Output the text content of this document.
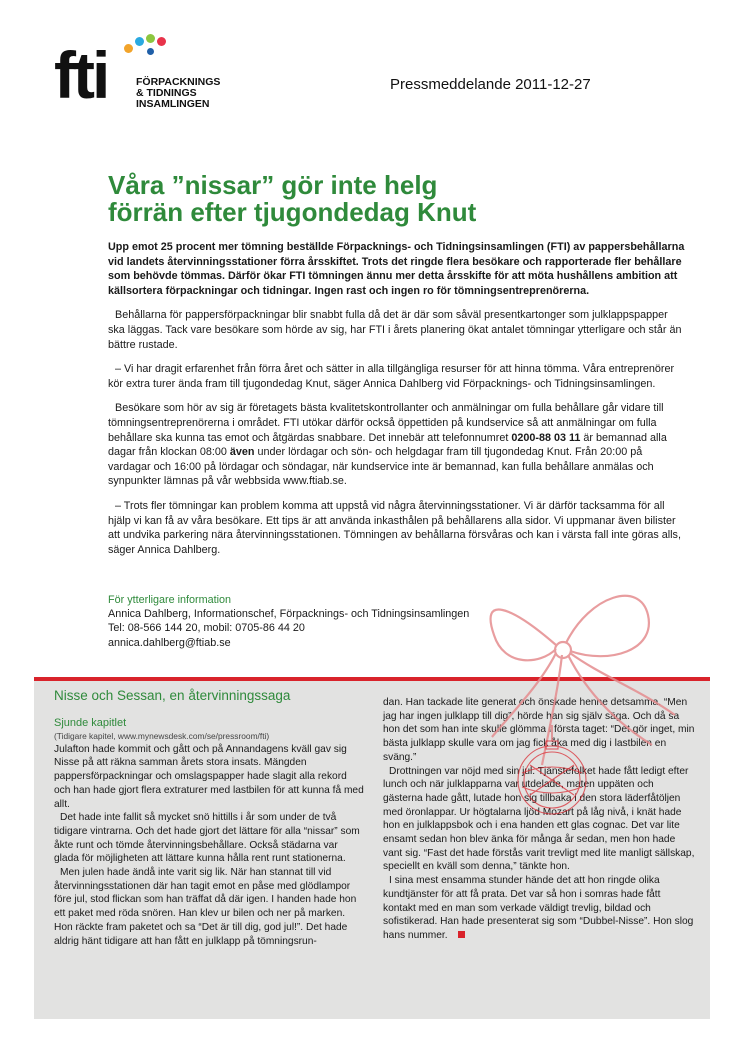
fti	FÖRPACKNINGS
& TIDNINGS
INSAMLINGEN
Pressmeddelande 2011-12-27
Våra ”nissar” gör inte helg
förrän efter tjugondedag Knut

Upp emot 25 procent mer tömning beställde Förpacknings- och Tidningsinsamlingen (FTI) av pappersbehållarna vid landets återvinningsstationer förra årsskiftet. Trots det ringde flera besökare och rapporterade fler behållare som behövde tömmas. Därför ökar FTI tömningen ännu mer detta årsskifte för att möta hushållens ambition att källsortera förpackningar och tidningar. Ingen rast och ingen ro för tömningsentreprenörerna.

Behållarna för pappersförpackningar blir snabbt fulla då det är där som såväl presentkartonger som julklappspapper ska läggas. Tack vare besökare som hörde av sig, har FTI i årets planering ökat antalet tömningar ytterligare och står än bättre rustade.

– Vi har dragit erfarenhet från förra året och sätter in alla tillgängliga resurser för att hinna tömma. Våra entreprenörer kör extra turer ända fram till tjugondedag Knut, säger Annica Dahlberg vid Förpacknings- och Tidningsinsamlingen.

Besökare som hör av sig är företagets bästa kvalitetskontrollanter och anmälningar om fulla behållare går vidare till tömningsentreprenörerna i området. FTI utökar därför också öppettiden på kundservice så att anmälningar om fulla behållare ska kunna tas emot och åtgärdas snabbare. Det innebär att telefonnumret 0200-88 03 11 är bemannad alla dagar från klockan 08:00 även under lördagar och sön- och helgdagar fram till tjugondedag Knut. Från 20:00 på vardagar och 16:00 på lördagar och söndagar, när kundservice inte är bemannad, kan fulla behållare anmälas och synpunkter lämnas på vår webbsida www.ftiab.se.

– Trots fler tömningar kan problem komma att uppstå vid några återvinningsstationer. Vi är därför tacksamma för all hjälp vi kan få av våra besökare. Ett tips är att använda inkasthålen på behållarens alla sidor. Vi uppmanar även bilister att undvika parkering nära återvinningsstationen. Tömningen av behållarna försvåras och kan i värsta fall inte göras alls, säger Annica Dahlberg.

För ytterligare information
Annica Dahlberg, Informationschef, Förpacknings- och Tidningsinsamlingen
Tel: 08-566 144 20, mobil: 0705-86 44 20
annica.dahlberg@ftiab.se
Nisse och Sessan, en återvinningssaga
Sjunde kapitlet
(Tidigare kapitel, www.mynewsdesk.com/se/pressroom/fti)

Julafton hade kommit och gått och på Annandagens kväll gav sig Nisse på att räkna samman årets stora insats. Mängden pappersförpackningar och omslagspapper hade slagit alla rekord och han hade gjort flera extraturer med lastbilen för att kunna få med allt.

Det hade inte fallit så mycket snö hittills i år som under de två tidigare vintrarna. Och det hade gjort det lättare för alla “nissar” som åkte runt och tömde återvinningsbehållare. Också städarna var glada för möjligheten att lättare kunna hålla rent runt stationerna.

Men julen hade ändå inte varit sig lik. När han stannat till vid återvinningsstationen där han tagit emot en påse med glödlampor före jul, stod flickan som han träffat då där igen. I handen hade hon ett paket med röda snören. Han klev ur bilen och ner på marken. Hon räckte fram paketet och sa “Det är till dig, god jul!”. Det hade aldrig hänt tidigare att han fått en julklapp på tömningsrun-

dan. Han tackade lite generat och önskade henne detsamma. “Men jag har ingen julklapp till dig”, hörde han sig själv säga. Och då sa hon det som han inte skulle glömma i första taget: “Det gör inget, min bästa julklapp skulle vara om jag fick åka med dig i lastbilen en sväng.”

Drottningen var nöjd med sin jul. Tjänstefolket hade fått ledigt efter lunch och när julklapparna var utdelade, maten uppäten och gästerna hade gått, lutade hon sig tillbaka i den stora läderfåtöljen med öronlappar. Ur högtalarna ljöd Mozart på låg nivå, i knät hade hon en julklappsbok och i ena handen ett glas cognac. Det var lite ensamt sedan hon blev änka för många år sedan, men hon hade vant sig. “Fast det hade förstås varit trevligt med lite manligt sällskap, speciellt en kväll som denna,” tänkte hon.

I sina mest ensamma stunder hände det att hon ringde olika kundtjänster för att få prata. Det var så hon i somras hade fått kontakt med en man som verkade väldigt trevlig, bildad och sofistikerad. Han hade presenterat sig som “Dubbel-Nisse”. Hon slog hans nummer.
